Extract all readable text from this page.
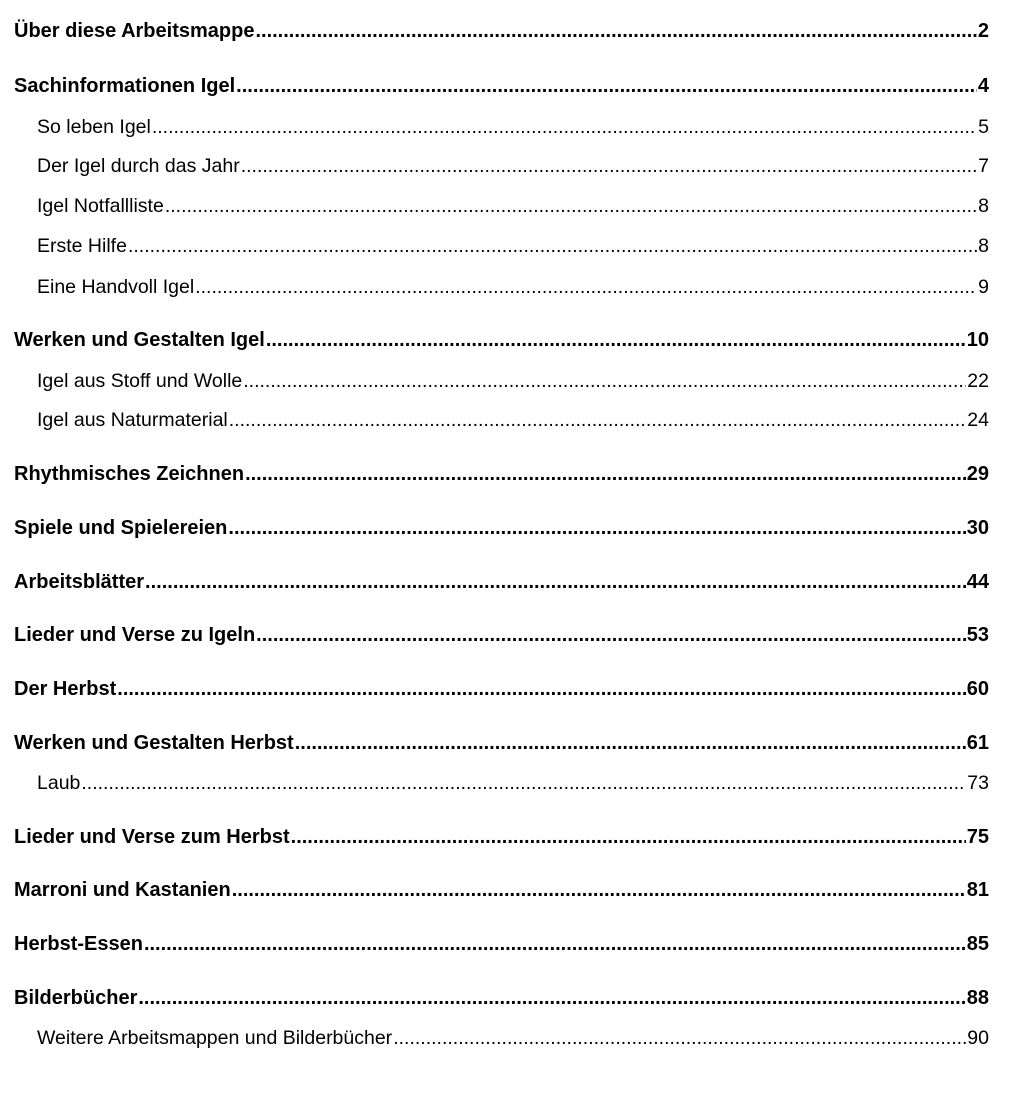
Über diese Arbeitsmappe .....	2
Sachinformationen Igel .....	4
So leben Igel .....	5
Der Igel durch das Jahr .....	7
Igel Notfallliste .....	8
Erste Hilfe .....	8
Eine Handvoll Igel .....	9
Werken und Gestalten Igel .....	10
Igel aus Stoff und Wolle .....	22
Igel aus Naturmaterial .....	24
Rhythmisches Zeichnen .....	29
Spiele und Spielereien .....	30
Arbeitsblätter .....	44
Lieder und Verse zu Igeln .....	53
Der Herbst .....	60
Werken und Gestalten Herbst .....	61
Laub .....	73
Lieder und Verse zum Herbst .....	75
Marroni und Kastanien .....	81
Herbst-Essen .....	85
Bilderbücher .....	88
Weitere Arbeitsmappen und Bilderbücher .....	90
